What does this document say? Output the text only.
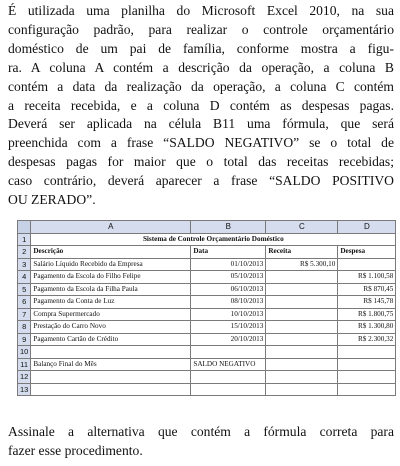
É utilizada uma planilha do Microsoft Excel 2010, na sua
configuração padrão, para realizar o controle orçamentário
doméstico de um pai de família, conforme mostra a figu-
ra. A coluna A contém a descrição da operação, a coluna B
contém a data da realização da operação, a coluna C contém
a receita recebida, e a coluna D contém as despesas pagas.
Deverá ser aplicada na célula B11 uma fórmula, que será
preenchida com a frase “SALDO NEGATIVO” se o total de
despesas pagas for maior que o total das receitas recebidas;
caso contrário, deverá aparecer a frase “SALDO POSITIVO
OU ZERADO”.
	A	B	C	D
1	Sistema de Controle Orçamentário Doméstico			
2	Descrição	Data	Receita	Despesa
3	Salário Líquido Recebido da Empresa	01/10/2013	R$ 5.300,10	
4	Pagamento da Escola do Filho Felipe	05/10/2013		R$ 1.100,58
5	Pagamento da Escola da Filha Paula	06/10/2013		R$ 870,45
6	Pagamento da Conta de Luz	08/10/2013		R$ 145,78
7	Compra Supermercado	10/10/2013		R$ 1.800,75
8	Prestação do Carro Novo	15/10/2013		R$ 1.300,80
9	Pagamento Cartão de Crédito	20/10/2013		R$ 2.300,32
10				
11	Balanço Final do Mês	SALDO NEGATIVO		
12				
13				
Assinale a alternativa que contém a fórmula correta para
fazer esse procedimento.
